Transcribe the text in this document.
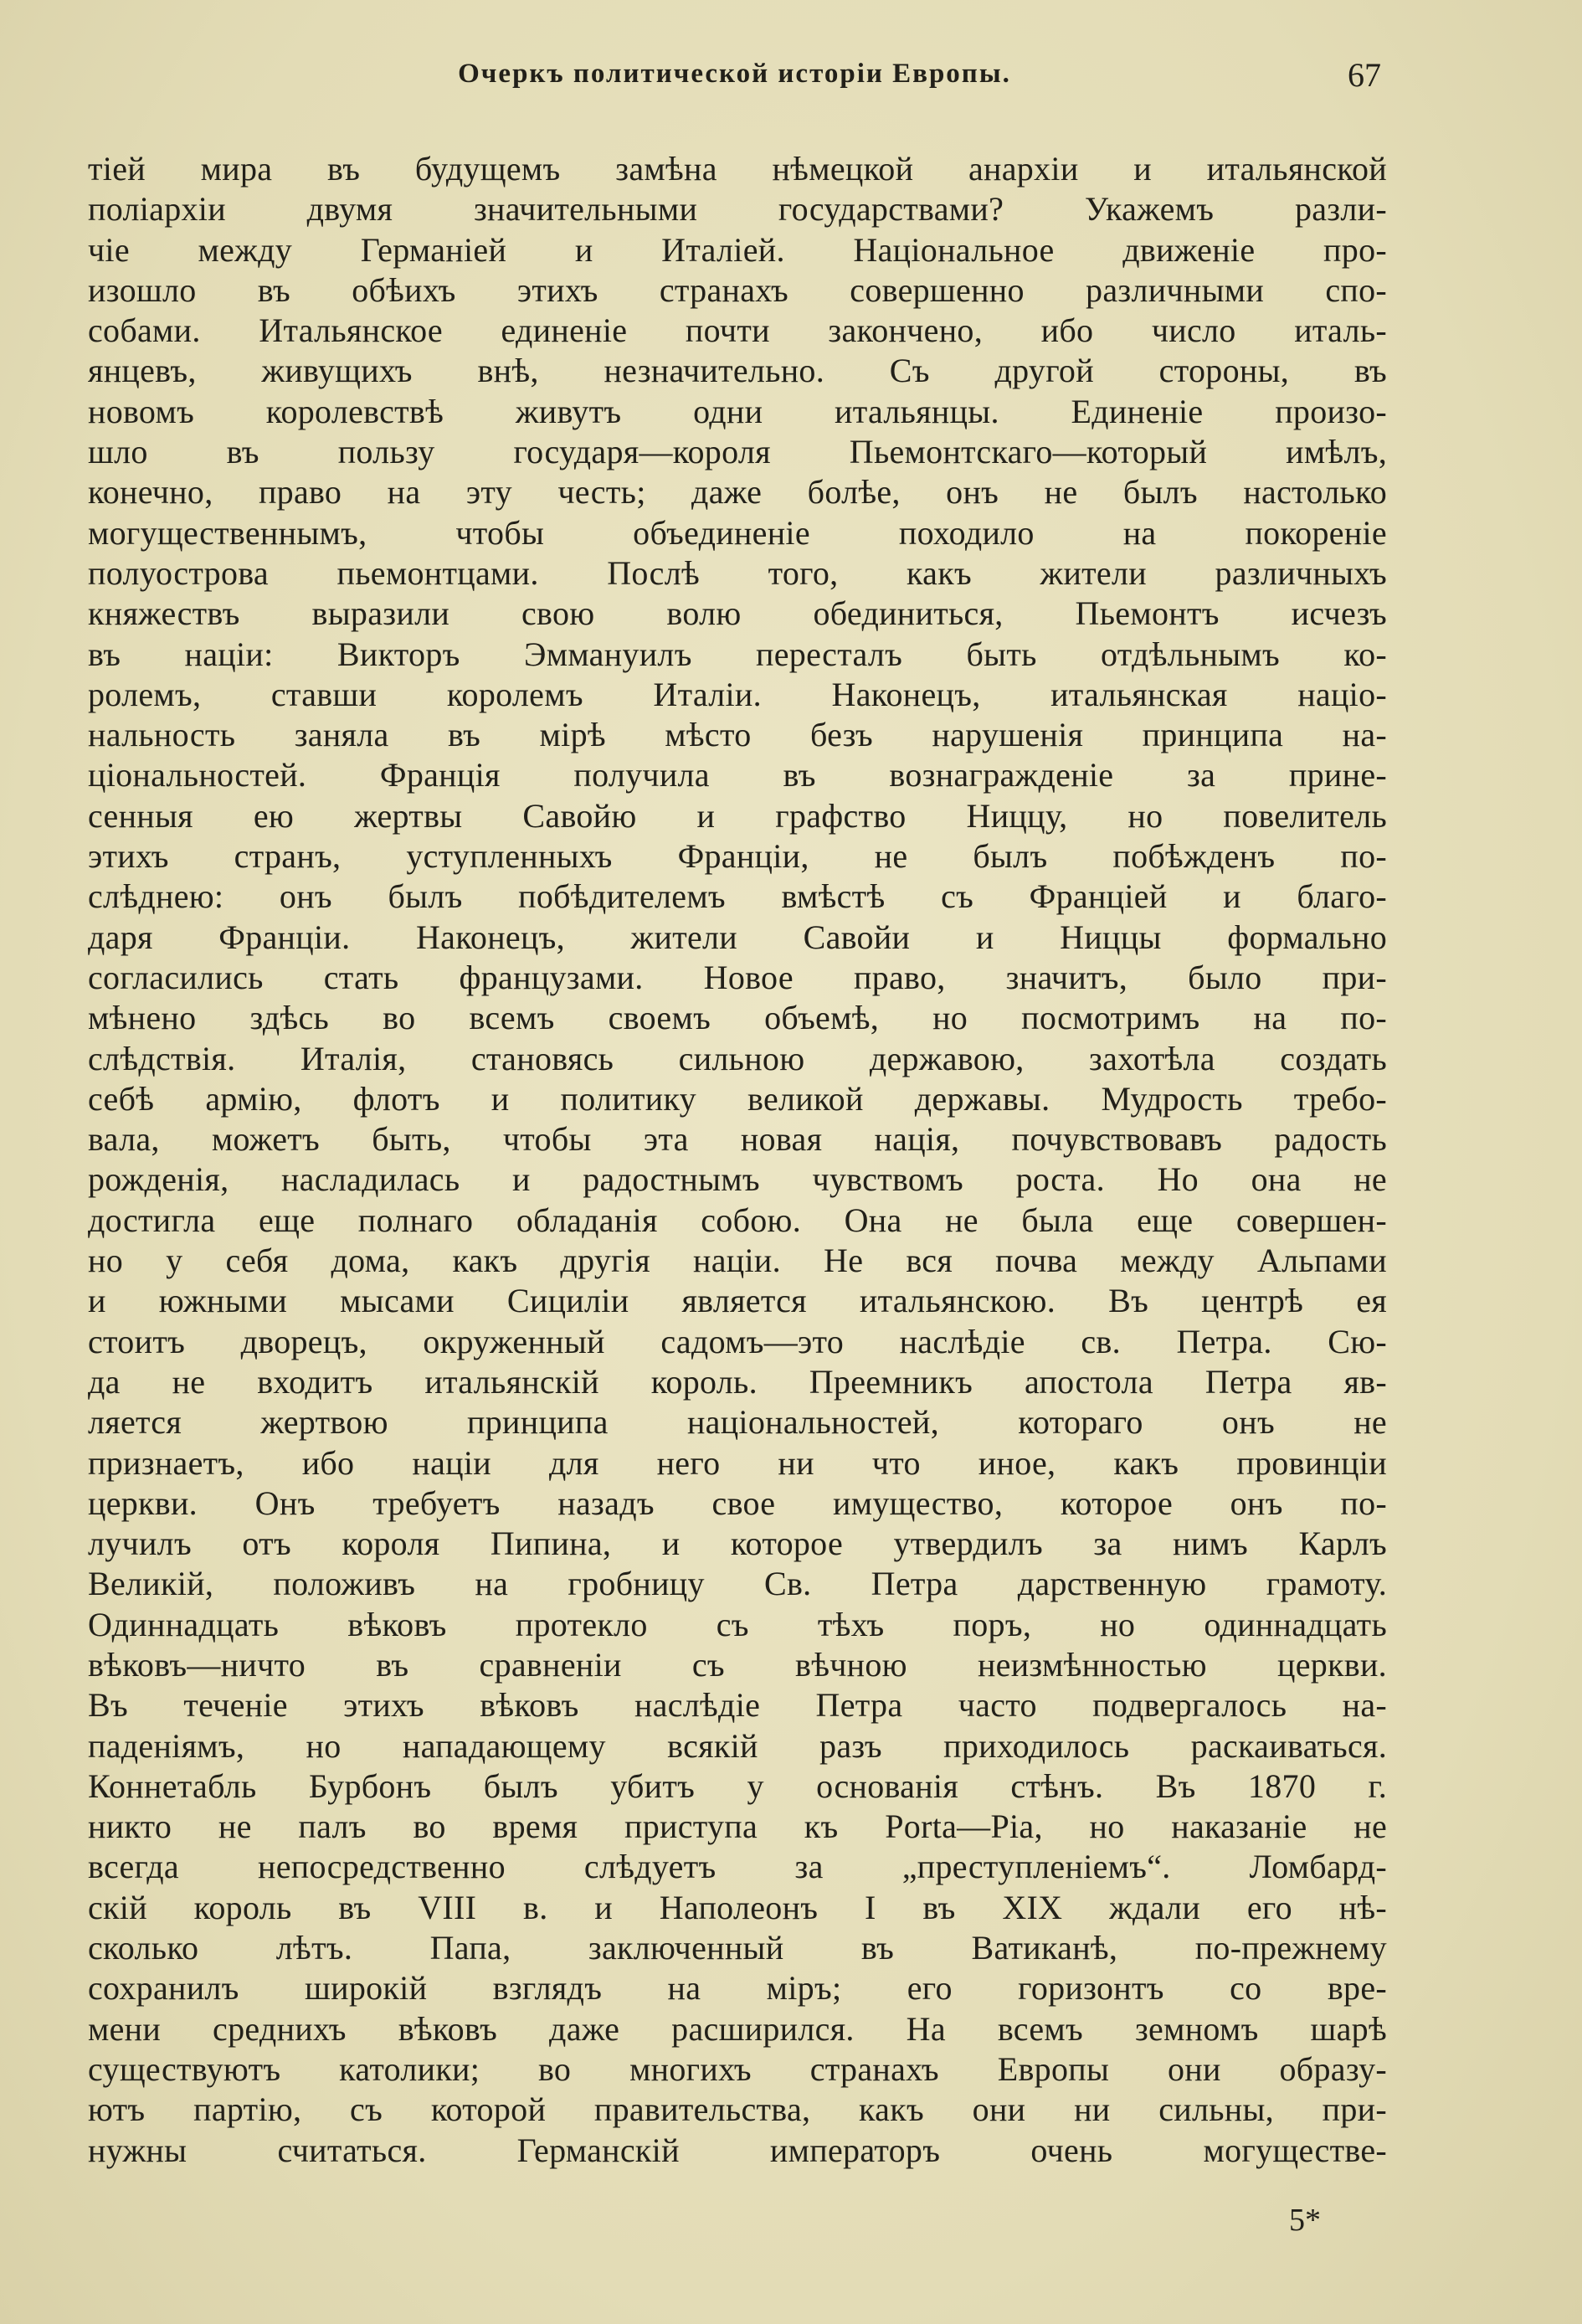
Очеркъ политической исторіи Европы.	67
тіей мира въ будущемъ замѣна нѣмецкой анархіи и итальянской
поліархіи двумя значительными государствами? Укажемъ разли-
чіе между Германіей и Италіей. Національное движеніе про-
изошло въ обѣихъ этихъ странахъ совершенно различными спо-
собами. Итальянское единеніе почти закончено, ибо число италь-
янцевъ, живущихъ внѣ, незначительно. Съ другой стороны, въ
новомъ королевствѣ живутъ одни итальянцы. Единеніе произо-
шло въ пользу государя—короля Пьемонтскаго—который имѣлъ,
конечно, право на эту честь; даже болѣе, онъ не былъ настолько
могущественнымъ, чтобы объединеніе походило на покореніе
полуострова пьемонтцами. Послѣ того, какъ жители различныхъ
княжествъ выразили свою волю обединиться, Пьемонтъ исчезъ
въ націи: Викторъ Эммануилъ пересталъ быть отдѣльнымъ ко-
ролемъ, ставши королемъ Италіи. Наконецъ, итальянская націо-
нальность заняла въ мірѣ мѣсто безъ нарушенія принципа на-
ціональностей. Франція получила въ вознагражденіе за прине-
сенныя ею жертвы Савойю и графство Ниццу, но повелитель
этихъ странъ, уступленныхъ Франціи, не былъ побѣжденъ по-
слѣднею: онъ былъ побѣдителемъ вмѣстѣ съ Франціей и благо-
даря Франціи. Наконецъ, жители Савойи и Ниццы формально
согласились стать французами. Новое право, значитъ, было при-
мѣнено здѣсь во всемъ своемъ объемѣ, но посмотримъ на по-
слѣдствія. Италія, становясь сильною державою, захотѣла создать
себѣ армію, флотъ и политику великой державы. Мудрость требо-
вала, можетъ быть, чтобы эта новая нація, почувствовавъ радость
рожденія, насладилась и радостнымъ чувствомъ роста. Но она не
достигла еще полнаго обладанія собою. Она не была еще совершен-
но у себя дома, какъ другія націи. Не вся почва между Альпами
и южными мысами Сициліи является итальянскою. Въ центрѣ ея
стоитъ дворецъ, окруженный садомъ—это наслѣдіе св. Петра. Сю-
да не входитъ итальянскій король. Преемникъ апостола Петра яв-
ляется жертвою принципа національностей, котораго онъ не
признаетъ, ибо націи для него ни что иное, какъ провинціи
церкви. Онъ требуетъ назадъ свое имущество, которое онъ по-
лучилъ отъ короля Пипина, и которое утвердилъ за нимъ Карлъ
Великій, положивъ на гробницу Св. Петра дарственную грамоту.
Одиннадцать вѣковъ протекло съ тѣхъ поръ, но одиннадцать
вѣковъ—ничто въ сравненіи съ вѣчною неизмѣнностью церкви.
Въ теченіе этихъ вѣковъ наслѣдіе Петра часто подвергалось на-
паденіямъ, но нападающему всякій разъ приходилось раскаиваться.
Коннетабль Бурбонъ былъ убитъ у основанія стѣнъ. Въ 1870 г.
никто не палъ во время приступа къ Porta—Pia, но наказаніе не
всегда непосредственно слѣдуетъ за „преступленіемъ“. Ломбард-
скій король въ VIII в. и Наполеонъ I въ XIX ждали его нѣ-
сколько лѣтъ. Папа, заключенный въ Ватиканѣ, по-прежнему
сохранилъ широкій взглядъ на міръ; его горизонтъ со вре-
мени среднихъ вѣковъ даже расширился. На всемъ земномъ шарѣ
существуютъ католики; во многихъ странахъ Европы они образу-
ютъ партію, съ которой правительства, какъ они ни сильны, при-
нужны считаться. Германскій императоръ очень могуществе-
5*
